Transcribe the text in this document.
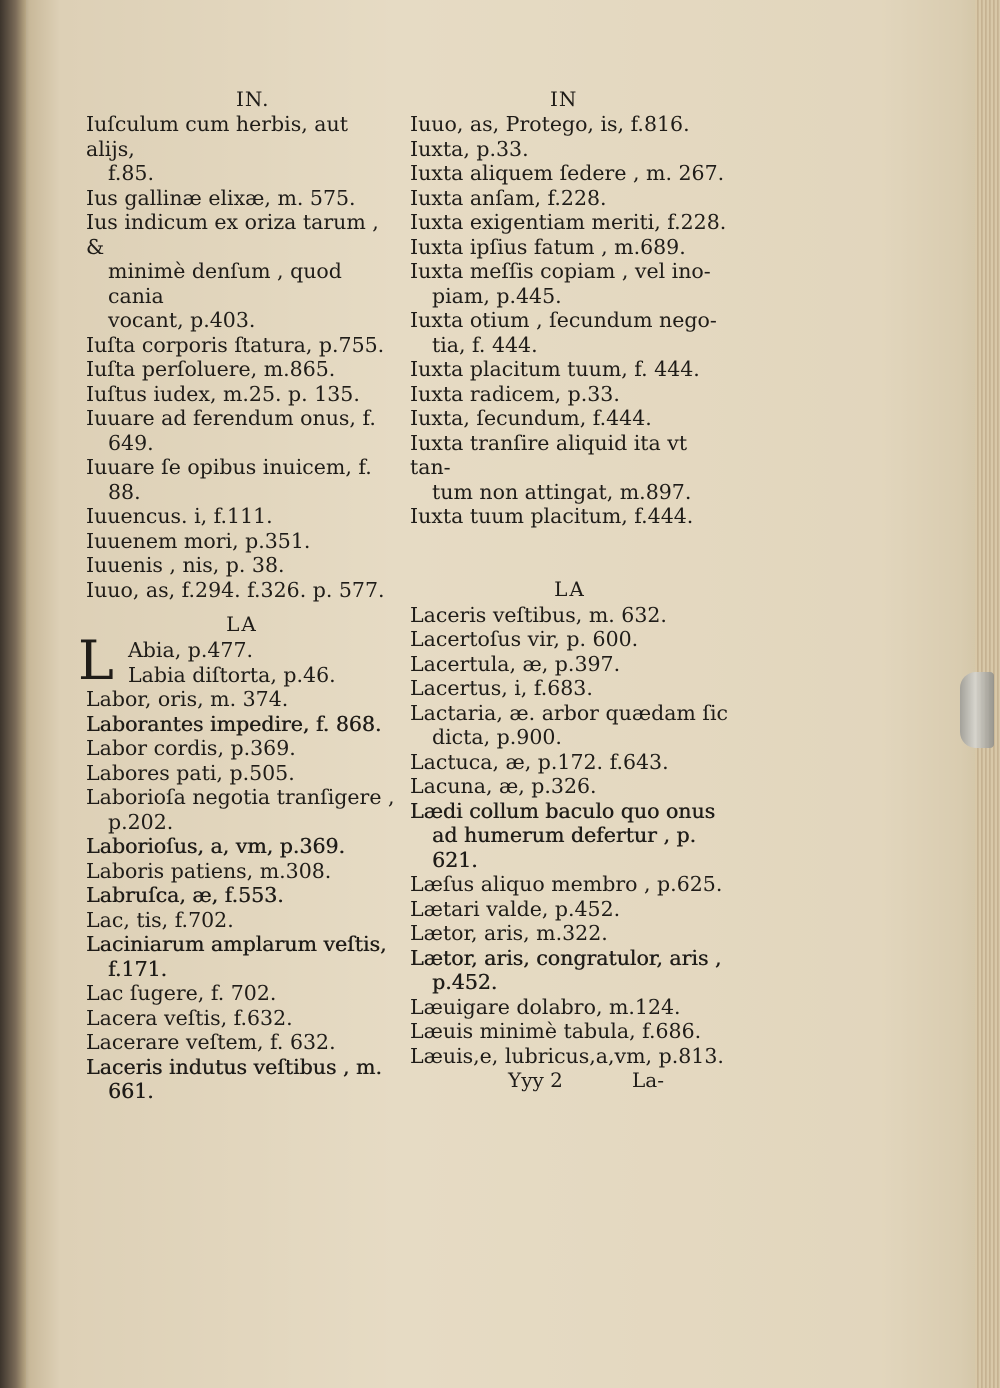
IN.
Iuſculum cum herbis, aut alijs,
f.85.
Ius gallinæ elixæ, m. 575.
Ius indicum ex oriza tarum , &
minimè denſum , quod cania
vocant, p.403.
Iuſta corporis ſtatura, p.755.
Iuſta perſoluere, m.865.
Iuſtus iudex, m.25. p. 135.
Iuuare ad ferendum onus, f.
649.
Iuuare ſe opibus inuicem, f.
88.
Iuuencus. i, f.111.
Iuuenem mori, p.351.
Iuuenis , nis, p. 38.
Iuuo, as, f.294. f.326. p. 577.
LA
L Abia, p.477.
Labia diſtorta, p.46.
Labor, oris, m. 374.
Laborantes impedire, f. 868.
Labor cordis, p.369.
Labores pati, p.505.
Laborioſa negotia tranſigere ,
p.202.
Laborioſus, a, vm, p.369.
Laboris patiens, m.308.
Labruſca, æ, f.553.
Lac, tis, f.702.
Laciniarum amplarum veſtis,
f.171.
Lac ſugere, f. 702.
Lacera veſtis, f.632.
Lacerare veſtem, f. 632.
Laceris indutus veſtibus , m.
661.
IN
Iuuo, as, Protego, is, f.816.
Iuxta, p.33.
Iuxta aliquem ſedere , m. 267.
Iuxta anſam, f.228.
Iuxta exigentiam meriti, f.228.
Iuxta ipſius fatum , m.689.
Iuxta meſſis copiam , vel ino-
piam, p.445.
Iuxta otium , ſecundum nego-
tia, f. 444.
Iuxta placitum tuum, f. 444.
Iuxta radicem, p.33.
Iuxta, ſecundum, f.444.
Iuxta tranſire aliquid ita vt tan-
tum non attingat, m.897.
Iuxta tuum placitum, f.444.
LA
Laceris veſtibus, m. 632.
Lacertoſus vir, p. 600.
Lacertula, æ, p.397.
Lacertus, i, f.683.
Lactaria, æ. arbor quædam ſic
dicta, p.900.
Lactuca, æ, p.172. f.643.
Lacuna, æ, p.326.
Lædi collum baculo quo onus
ad humerum defertur , p.
621.
Læſus aliquo membro , p.625.
Lætari valde, p.452.
Lætor, aris, m.322.
Lætor, aris, congratulor, aris ,
p.452.
Læuigare dolabro, m.124.
Læuis minimè tabula, f.686.
Læuis,e, lubricus,a,vm, p.813.
Yyy 2	La-
